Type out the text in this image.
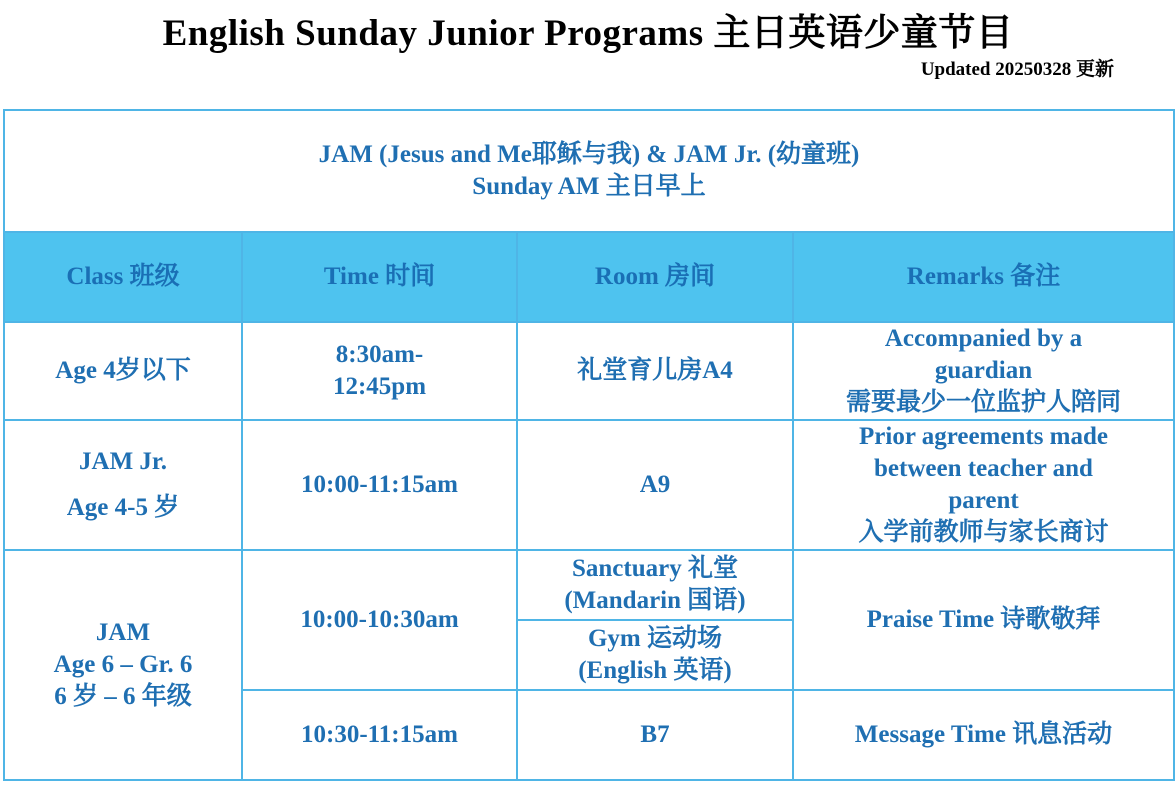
English Sunday Junior Programs 主日英语少童节目
Updated 20250328 更新
JAM (Jesus and Me耶稣与我) & JAM Jr. (幼童班)
Sunday AM 主日早上			

Class 班级	Time 时间	Room 房间	Remarks 备注

Age 4岁以下	8:30am-
12:45pm	礼堂育儿房A4	Accompanied by a
guardian
需要最少一位监护人陪同

JAM Jr.
Age 4-5 岁	10:00-11:15am	A9	Prior agreements made
between teacher and
parent
入学前教师与家长商讨

JAM
Age 6 – Gr. 6
6 岁 – 6 年级	10:00-10:30am	Sanctuary 礼堂
(Mandarin 国语)	Praise Time 诗歌敬拜

		Gym 运动场
(English 英语)	

	10:30-11:15am	B7	Message Time 讯息活动
